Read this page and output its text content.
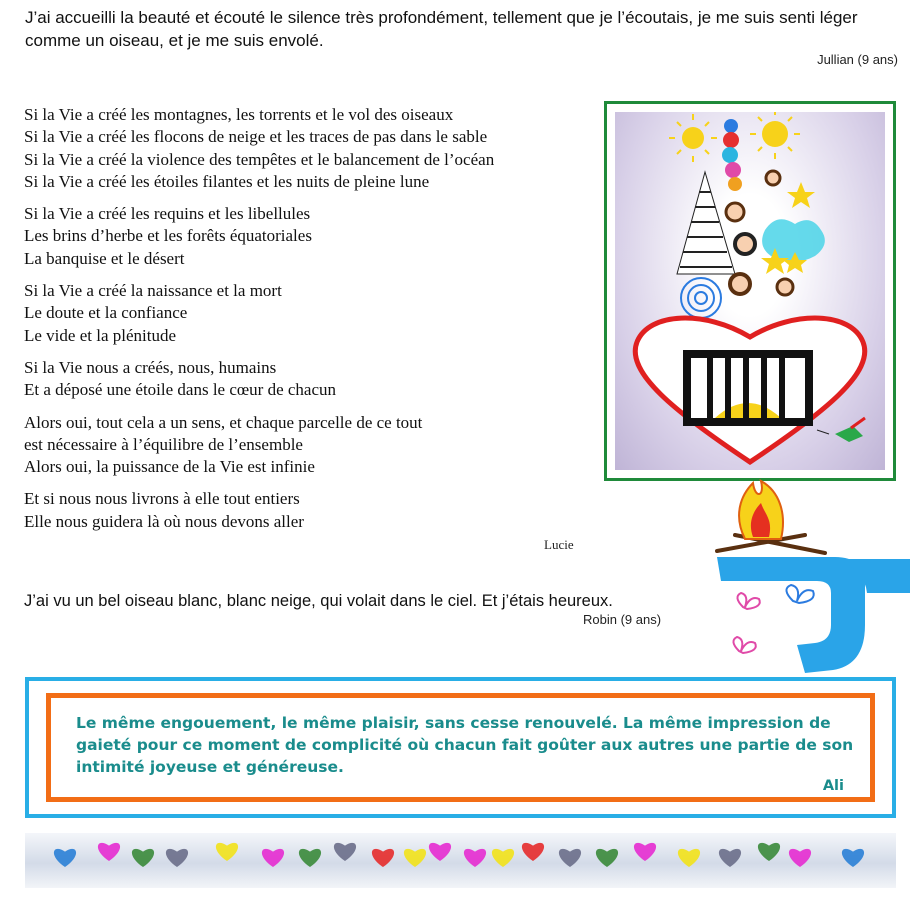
J’ai accueilli la beauté et écouté le silence très profondément, tellement que je l’écoutais, je me suis senti léger comme un oiseau, et je me suis envolé.
Jullian (9 ans)
Si la Vie a créé les montagnes, les torrents et le vol des oiseaux
Si la Vie a créé les flocons de neige et les traces de pas dans le sable
Si la Vie a créé la violence des tempêtes et le balancement de l’océan
Si la Vie a créé les étoiles filantes et les nuits de pleine lune
Si la Vie a créé les requins et les libellules
Les brins d’herbe et les forêts équatoriales
La banquise et le désert
Si la Vie a créé la naissance et la mort
Le doute et la confiance
Le vide et la plénitude
Si la Vie nous a créés, nous, humains
Et a déposé une étoile dans le cœur de chacun
Alors oui, tout cela a un sens, et chaque parcelle de ce tout
est nécessaire à l’équilibre de l’ensemble
Alors oui, la puissance de la Vie est infinie
Et si nous nous livrons à elle tout entiers
Elle nous guidera là où nous devons aller
Lucie
J’ai vu un bel oiseau blanc, blanc neige, qui volait dans le ciel. Et j’étais heureux.
Robin (9 ans)
Le même engouement, le même plaisir, sans cesse renouvelé. La même impression de gaieté pour ce moment de complicité où chacun fait goûter aux autres une partie de son intimité joyeuse et généreuse.
Ali
